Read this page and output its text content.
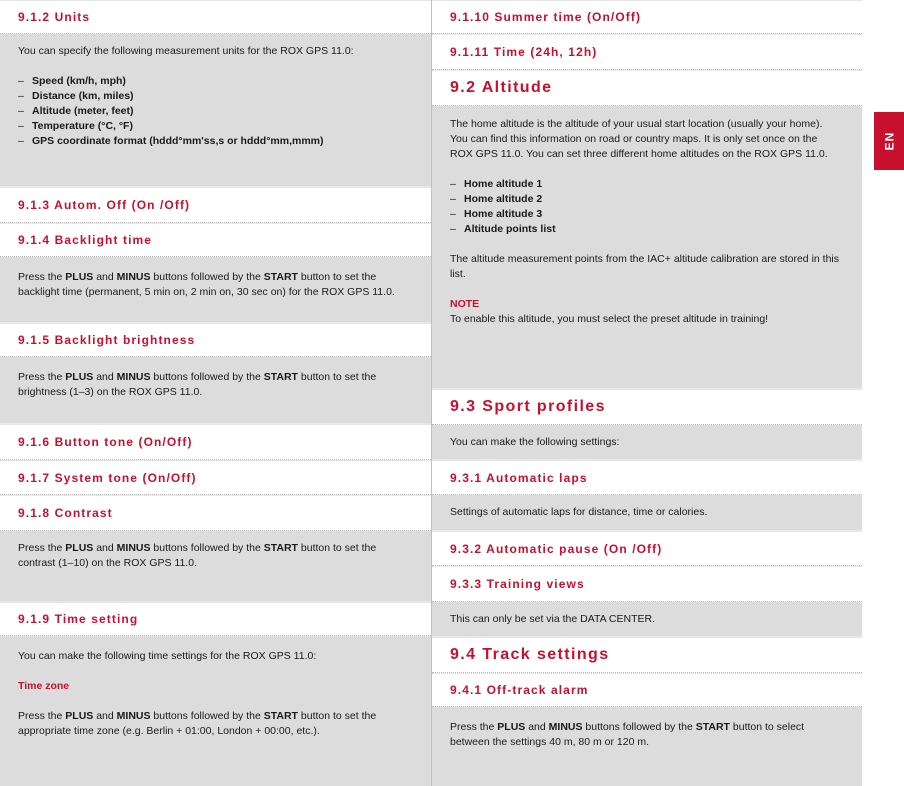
9.1.2 Units

You can specify the following measurement units for the ROX GPS 11.0:

– Speed (km/h, mph)
– Distance (km, miles)
– Altitude (meter, feet)
– Temperature (°C, °F)
– GPS coordinate format (hddd°mm'ss,s or hddd°mm,mmm)
9.1.3 Autom. Off (On /Off)
9.1.4 Backlight time

Press the PLUS and MINUS buttons followed by the START button to set the backlight time (permanent, 5 min on, 2 min on, 30 sec on) for the ROX GPS 11.0.

9.1.5 Backlight brightness

Press the PLUS and MINUS buttons followed by the START button to set the brightness (1–3) on the ROX GPS 11.0.

9.1.6 Button tone (On/Off)
9.1.7 System tone (On/Off)
9.1.8 Contrast

Press the PLUS and MINUS buttons followed by the START button to set the contrast (1–10) on the ROX GPS 11.0.

9.1.9 Time setting

You can make the following time settings for the ROX GPS 11.0:

Time zone

Press the PLUS and MINUS buttons followed by the START button to set the appropriate time zone (e.g. Berlin + 01:00, London + 00:00, etc.).

9.1.10 Summer time (On/Off)
9.1.11 Time (24h, 12h)
9.2 Altitude

The home altitude is the altitude of your usual start location (usually your home). You can find this information on road or country maps. It is only set once on the ROX GPS 11.0. You can set three different home altitudes on the ROX GPS 11.0.

– Home altitude 1
– Home altitude 2
– Home altitude 3
– Altitude points list

The altitude measurement points from the IAC+ altitude calibration are stored in this list.

NOTE

To enable this altitude, you must select the preset altitude in training!

9.3 Sport profiles

You can make the following settings:

9.3.1 Automatic laps

Settings of automatic laps for distance, time or calories.

9.3.2 Automatic pause (On /Off)
9.3.3 Training views

This can only be set via the DATA CENTER.

9.4 Track settings
9.4.1 Off-track alarm

Press the PLUS and MINUS buttons followed by the START button to select between the settings 40 m, 80 m or 120 m.

EN
